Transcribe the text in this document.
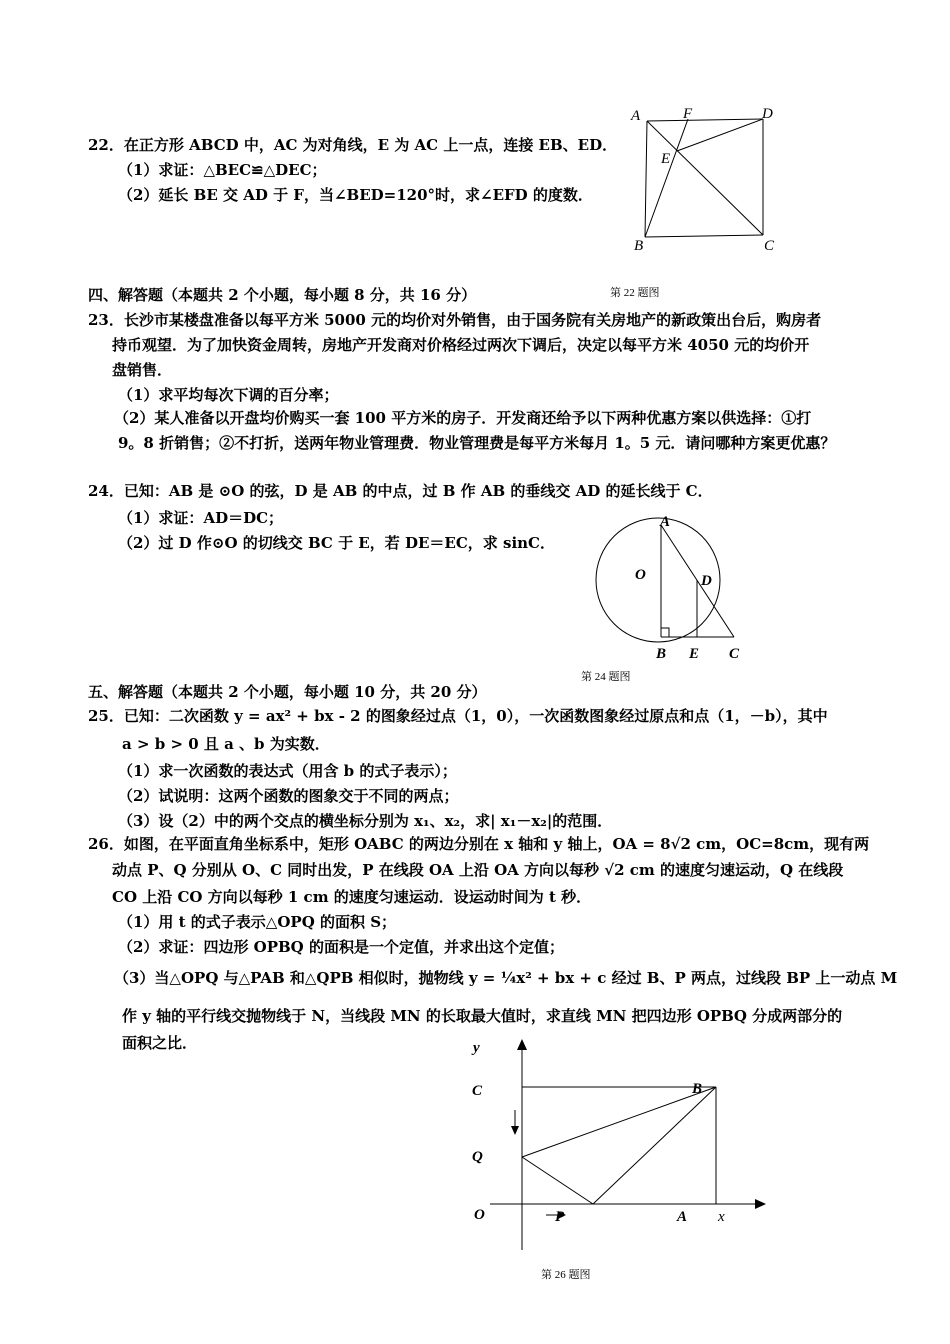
22．在正方形 ABCD 中，AC 为对角线，E 为 AC 上一点，连接 EB、ED．
（1）求证：△BEC≌△DEC；
（2）延长 BE 交 AD 于 F，当∠BED=120°时，求∠EFD 的度数．
A	F	D
E
B	C
第 22 题图
四、解答题（本题共 2 个小题，每小题 8 分，共 16 分）
23．长沙市某楼盘准备以每平方米 5000 元的均价对外销售，由于国务院有关房地产的新政策出台后，购房者
持币观望．为了加快资金周转，房地产开发商对价格经过两次下调后，决定以每平方米 4050 元的均价开
盘销售．
（1）求平均每次下调的百分率；
（2）某人准备以开盘均价购买一套 100 平方米的房子．开发商还给予以下两种优惠方案以供选择：①打
9。8 折销售；②不打折，送两年物业管理费．物业管理费是每平方米每月 1。5 元．请问哪种方案更优惠？
24．已知：AB 是 ⊙O 的弦，D 是 AB 的中点，过 B 作 AB 的垂线交 AD 的延长线于 C．
（1）求证：AD＝DC；
（2）过 D 作⊙O 的切线交 BC 于 E，若 DE＝EC，求 sinC．
A
O	D
B E C
第 24 题图
五、解答题（本题共 2 个小题，每小题 10 分，共 20 分）
25．已知：二次函数 y = ax² + bx - 2 的图象经过点（1，0），一次函数图象经过原点和点（1，－b），其中
a > b > 0 且 a 、b 为实数．
（1）求一次函数的表达式（用含 b 的式子表示）；
（2）试说明：这两个函数的图象交于不同的两点；
（3）设（2）中的两个交点的横坐标分别为 x₁、x₂，求| x₁－x₂|的范围．
26．如图，在平面直角坐标系中，矩形 OABC 的两边分别在 x 轴和 y 轴上，OA = 8√2 cm，OC=8cm，现有两
动点 P、Q 分别从 O、C 同时出发，P 在线段 OA 上沿 OA 方向以每秒 √2 cm 的速度匀速运动，Q 在线段
CO 上沿 CO 方向以每秒 1 cm 的速度匀速运动．设运动时间为 t 秒．
（1）用 t 的式子表示△OPQ 的面积 S；
（2）求证：四边形 OPBQ 的面积是一个定值，并求出这个定值；
（3）当△OPQ 与△PAB 和△QPB 相似时，抛物线 y = ¼x² + bx + c 经过 B、P 两点，过线段 BP 上一动点 M
作 y 轴的平行线交抛物线于 N，当线段 MN 的长取最大值时，求直线 MN 把四边形 OPBQ 分成两部分的
面积之比．	y
C	B
Q
O	P	A x
第 26 题图
